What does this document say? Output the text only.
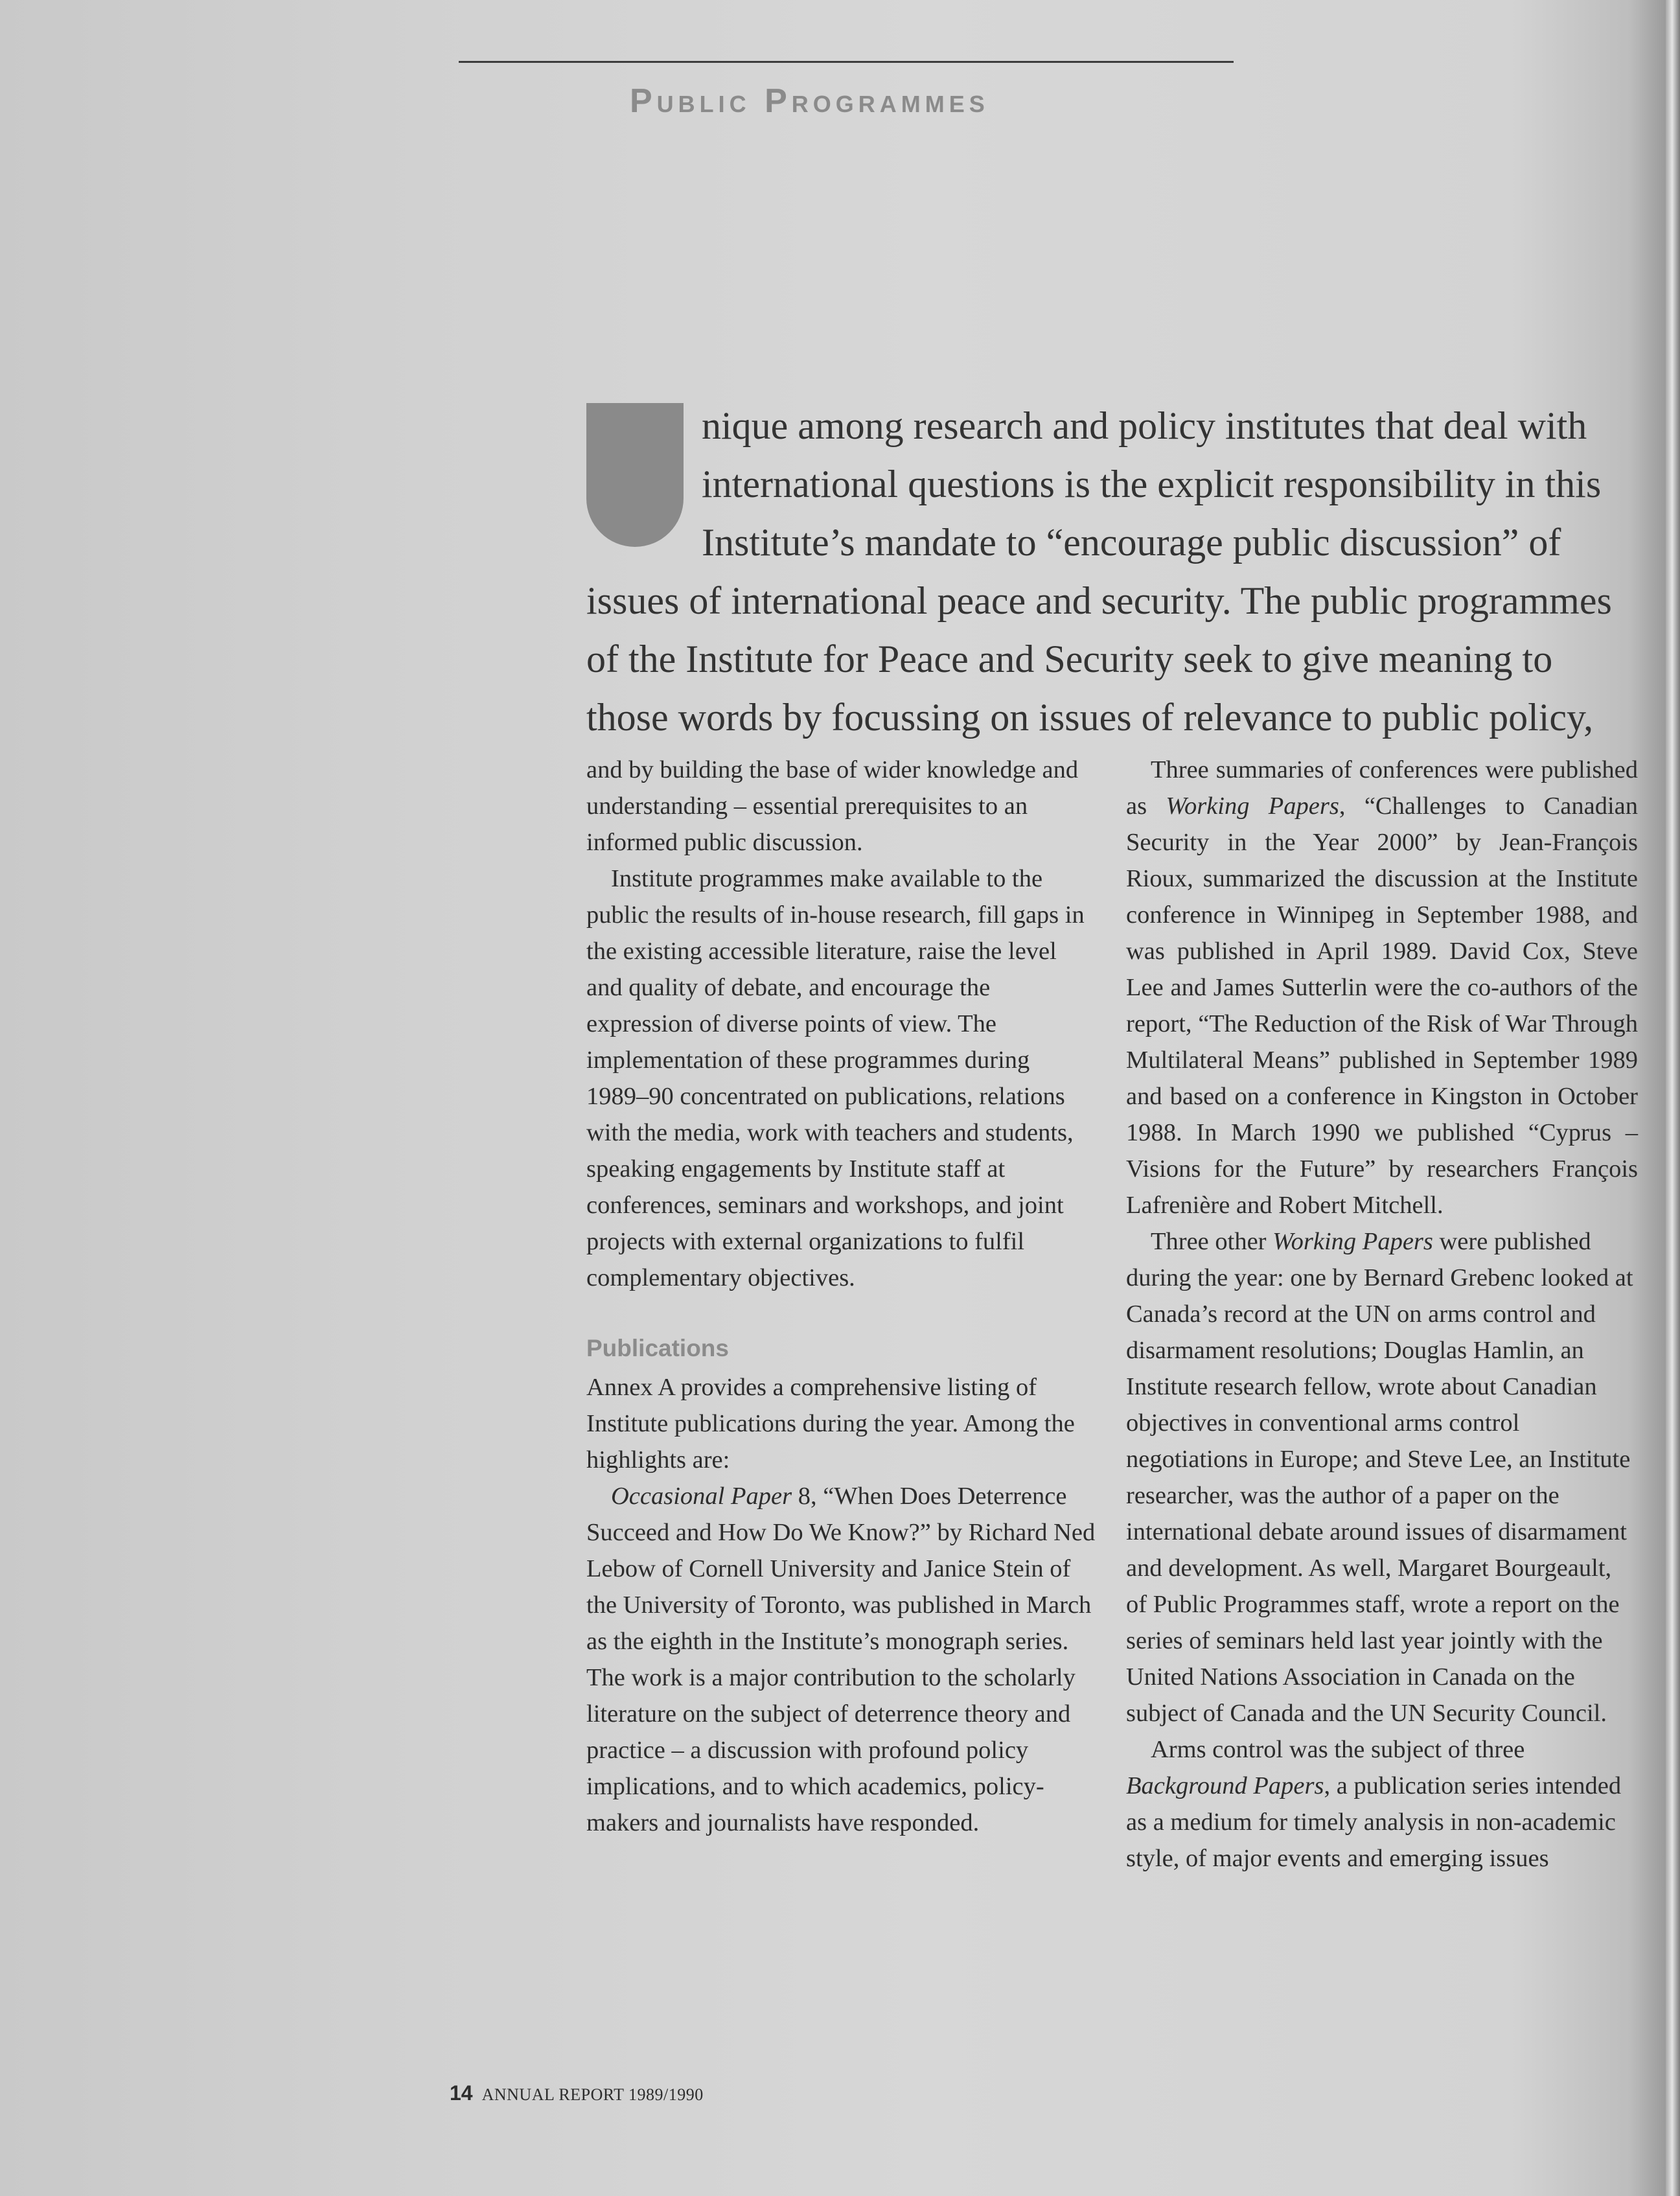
Public Programmes

U	nique among research and policy institutes that deal with international questions is the explicit responsibility in this Institute’s mandate to “encourage public discussion” of issues of international peace and security. The public programmes of the Institute for Peace and Security seek to give meaning to those words by focussing on issues of relevance to public policy,

and by building the base of wider knowledge and understanding – essential prerequisites to an informed public discussion.

Institute programmes make available to the public the results of in-house research, fill gaps in the existing accessible literature, raise the level and quality of debate, and encourage the expression of diverse points of view. The implementation of these programmes during 1989–90 concentrated on publications, relations with the media, work with teachers and students, speaking engagements by Institute staff at conferences, seminars and workshops, and joint projects with external organizations to fulfil complementary objectives.

Publications

Annex A provides a comprehensive listing of Institute publications during the year. Among the highlights are:

Occasional Paper 8, “When Does Deterrence Succeed and How Do We Know?” by Richard Ned Lebow of Cornell University and Janice Stein of the University of Toronto, was published in March as the eighth in the Institute’s monograph series. The work is a major contribution to the scholarly literature on the subject of deterrence theory and practice – a discussion with profound policy implications, and to which academics, policy-makers and journalists have responded.

Three summaries of conferences were published as Working Papers, “Challenges to Canadian Security in the Year 2000” by Jean-François Rioux, summarized the discussion at the Institute conference in Winnipeg in September 1988, and was published in April 1989. David Cox, Steve Lee and James Sutterlin were the co-authors of the report, “The Reduction of the Risk of War Through Multilateral Means” published in September 1989 and based on a conference in Kingston in October 1988. In March 1990 we published “Cyprus – Visions for the Future” by researchers François Lafrenière and Robert Mitchell.

Three other Working Papers were published during the year: one by Bernard Grebenc looked at Canada’s record at the UN on arms control and disarmament resolutions; Douglas Hamlin, an Institute research fellow, wrote about Canadian objectives in conventional arms control negotiations in Europe; and Steve Lee, an Institute researcher, was the author of a paper on the international debate around issues of disarmament and development. As well, Margaret Bourgeault, of Public Programmes staff, wrote a report on the series of seminars held last year jointly with the United Nations Association in Canada on the subject of Canada and the UN Security Council.

Arms control was the subject of three Background Papers, a publication series intended as a medium for timely analysis in non-academic style, of major events and emerging issues

14 ANNUAL REPORT 1989/1990
